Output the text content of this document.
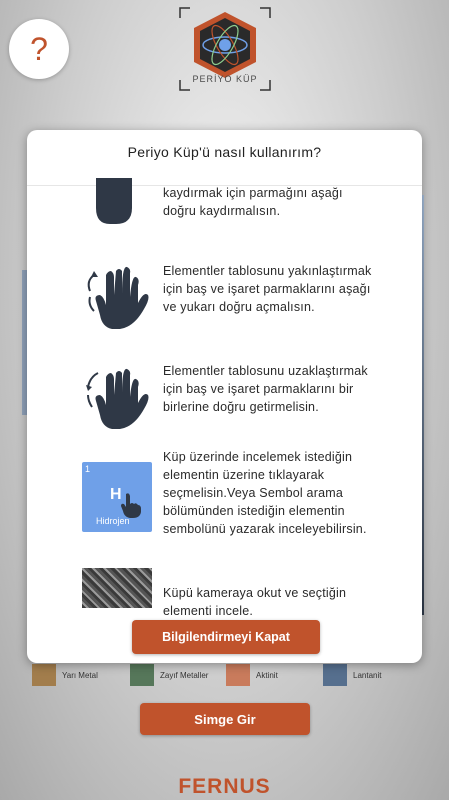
?
PERİYO KÜP
Yarı Metal	Zayıf Metaller	Aktinit	Lantanit
Simge Gir
FERNUS
Periyo Küp'ü nasıl kullanırım?
kaydırmak için parmağını aşağı doğru kaydırmalısın.
Elementler tablosunu yakınlaştırmak için baş ve işaret parmaklarını aşağı ve yukarı doğru açmalısın.
Elementler tablosunu uzaklaştırmak için baş ve işaret parmaklarını bir birlerine doğru getirmelisin.
1
H
Hidrojen
Küp üzerinde incelemek istediğin elementin üzerine tıklayarak seçmelisin.Veya Sembol arama bölümünden istediğin elementin sembolünü yazarak inceleyebilirsin.
Küpü kameraya okut ve seçtiğin elementi incele.
Bilgilendirmeyi Kapat
